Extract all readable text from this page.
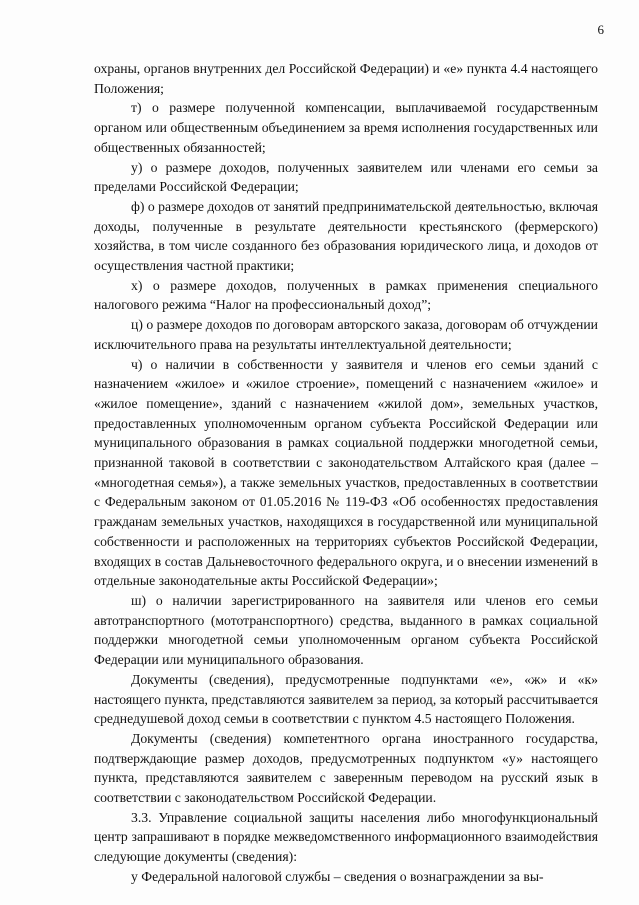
6

охраны, органов внутренних дел Российской Федерации) и «е» пункта 4.4 настоящего Положения;

т) о размере полученной компенсации, выплачиваемой государственным органом или общественным объединением за время исполнения государственных или общественных обязанностей;

у) о размере доходов, полученных заявителем или членами его семьи за пределами Российской Федерации;

ф) о размере доходов от занятий предпринимательской деятельностью, включая доходы, полученные в результате деятельности крестьянского (фермерского) хозяйства, в том числе созданного без образования юридического лица, и доходов от осуществления частной практики;

х) о размере доходов, полученных в рамках применения специального налогового режима “Налог на профессиональный доход”;

ц) о размере доходов по договорам авторского заказа, договорам об отчуждении исключительного права на результаты интеллектуальной деятельности;

ч) о наличии в собственности у заявителя и членов его семьи зданий с назначением «жилое» и «жилое строение», помещений с назначением «жилое» и «жилое помещение», зданий с назначением «жилой дом», земельных участков, предоставленных уполномоченным органом субъекта Российской Федерации или муниципального образования в рамках социальной поддержки многодетной семьи, признанной таковой в соответствии с законодательством Алтайского края (далее – «многодетная семья»), а также земельных участков, предоставленных в соответствии с Федеральным законом от 01.05.2016 № 119-ФЗ «Об особенностях предоставления гражданам земельных участков, находящихся в государственной или муниципальной собственности и расположенных на территориях субъектов Российской Федерации, входящих в состав Дальневосточного федерального округа, и о внесении изменений в отдельные законодательные акты Российской Федерации»;

ш) о наличии зарегистрированного на заявителя или членов его семьи автотранспортного (мототранспортного) средства, выданного в рамках социальной поддержки многодетной семьи уполномоченным органом субъекта Российской Федерации или муниципального образования.

Документы (сведения), предусмотренные подпунктами «е», «ж» и «к» настоящего пункта, представляются заявителем за период, за который рассчитывается среднедушевой доход семьи в соответствии с пунктом 4.5 настоящего Положения.

Документы (сведения) компетентного органа иностранного государства, подтверждающие размер доходов, предусмотренных подпунктом «у» настоящего пункта, представляются заявителем с заверенным переводом на русский язык в соответствии с законодательством Российской Федерации.

3.3. Управление социальной защиты населения либо многофункциональный центр запрашивают в порядке межведомственного информационного взаимодействия следующие документы (сведения):

у Федеральной налоговой службы – сведения о вознаграждении за вы-
